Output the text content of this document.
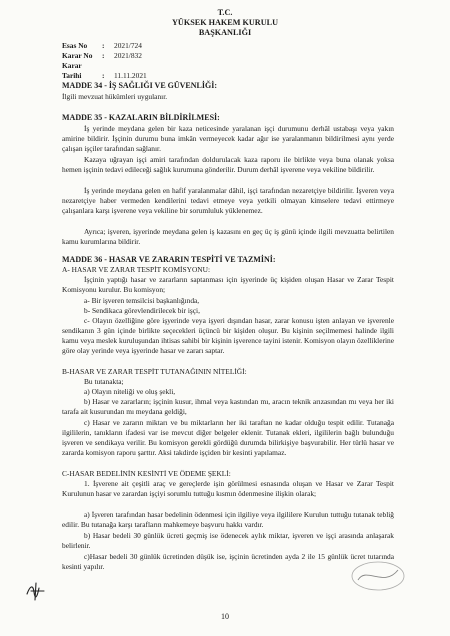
T.C.
YÜKSEK HAKEM KURULU
BAŞKANLIĞI
Esas No : 2021/724
Karar No : 2021/832
Karar Tarihi	: 11.11.2021
MADDE 34 - İŞ SAĞLIĞI VE GÜVENLİĞİ:
İlgili mevzuat hükümleri uygulanır.
MADDE 35 - KAZALARIN BİLDİRİLMESİ:
İş yerinde meydana gelen bir kaza neticesinde yaralanan işçi durumunu derhâl ustabaşı veya yakın amirine bildirir. İşçinin durumu buna imkân vermeyecek kadar ağır ise yaralanmanın bildirilmesi aynı yerde çalışan işçiler tarafından sağlanır.
Kazaya uğrayan işçi amiri tarafından doldurulacak kaza raporu ile birlikte veya buna olanak yoksa hemen işçinin tedavi edileceği sağlık kurumuna gönderilir. Durum derhâl işverene veya vekiline bildirilir.
İş yerinde meydana gelen en hafif yaralanmalar dâhil, işçi tarafından nezaretçiye bildirilir. İşveren veya nezaretçiye haber vermeden kendilerini tedavi etmeye veya yetkili olmayan kimselere tedavi ettirmeye çalışanlara karşı işverene veya vekiline bir sorumluluk yüklenemez.
Ayrıca; işveren, işyerinde meydana gelen iş kazasını en geç üç iş günü içinde ilgili mevzuatta belirtilen kamu kurumlarına bildirir.
MADDE 36 - HASAR VE ZARARIN TESPİTİ VE TAZMİNİ:
A- HASAR VE ZARAR TESPİT KOMİSYONU:
İşçinin yaptığı hasar ve zararların saptanması için işyerinde üç kişiden oluşan Hasar ve Zarar Tespit Komisyonu kurulur. Bu komisyon;
a- Bir işveren temsilcisi başkanlığında,
b- Sendikaca görevlendirilecek bir işçi,
c- Olayın özelliğine göre işyerinde veya işyeri dışından hasar, zarar konusu işten anlayan ve işverenle sendikanın 3 gün içinde birlikte seçecekleri üçüncü bir kişiden oluşur. Bu kişinin seçilmemesi halinde ilgili kamu veya meslek kuruluşundan ihtisas sahibi bir kişinin işverence tayini istenir. Komisyon olayın özelliklerine göre olay yerinde veya işyerinde hasar ve zararı saptar.
B-HASAR VE ZARAR TESPİT TUTANAĞININ NİTELİĞİ:
Bu tutanakta;
a) Olayın niteliği ve oluş şekli,
b) Hasar ve zararların; işçinin kusur, ihmal veya kastından mı, aracın teknik arızasından mı veya her iki tarafa ait kusurundan mı meydana geldiği,
c) Hasar ve zararın miktarı ve bu miktarların her iki taraftan ne kadar olduğu tespit edilir. Tutanağa ilgililerin, tanıkların ifadesi var ise mevcut diğer belgeler eklenir. Tutanak ekleri, ilgililerin bağlı bulunduğu işveren ve sendikaya verilir. Bu komisyon gerekli gördüğü durumda bilirkişiye başvurabilir. Her türlü hasar ve zararda komisyon raporu şarttır. Aksi takdirde işçiden bir kesinti yapılamaz.
C-HASAR BEDELİNİN KESİNTİ VE ÖDEME ŞEKLİ:
1. İşverene ait çeşitli araç ve gereçlerde işin görülmesi esnasında oluşan ve Hasar ve Zarar Tespit Kurulunun hasar ve zarardan işçiyi sorumlu tuttuğu kısmın ödenmesine ilişkin olarak;
a) İşveren tarafından hasar bedelinin ödenmesi için ilgiliye veya ilgililere Kurulun tuttuğu tutanak tebliğ edilir. Bu tutanağa karşı tarafların mahkemeye başvuru hakkı vardır.
b) Hasar bedeli 30 günlük ücreti geçmiş ise ödenecek aylık miktar, işveren ve işçi arasında anlaşarak belirlenir.
c)Hasar bedeli 30 günlük ücretinden düşük ise, işçinin ücretinden ayda 2 ile 15 günlük ücret tutarında kesinti yapılır.
10
